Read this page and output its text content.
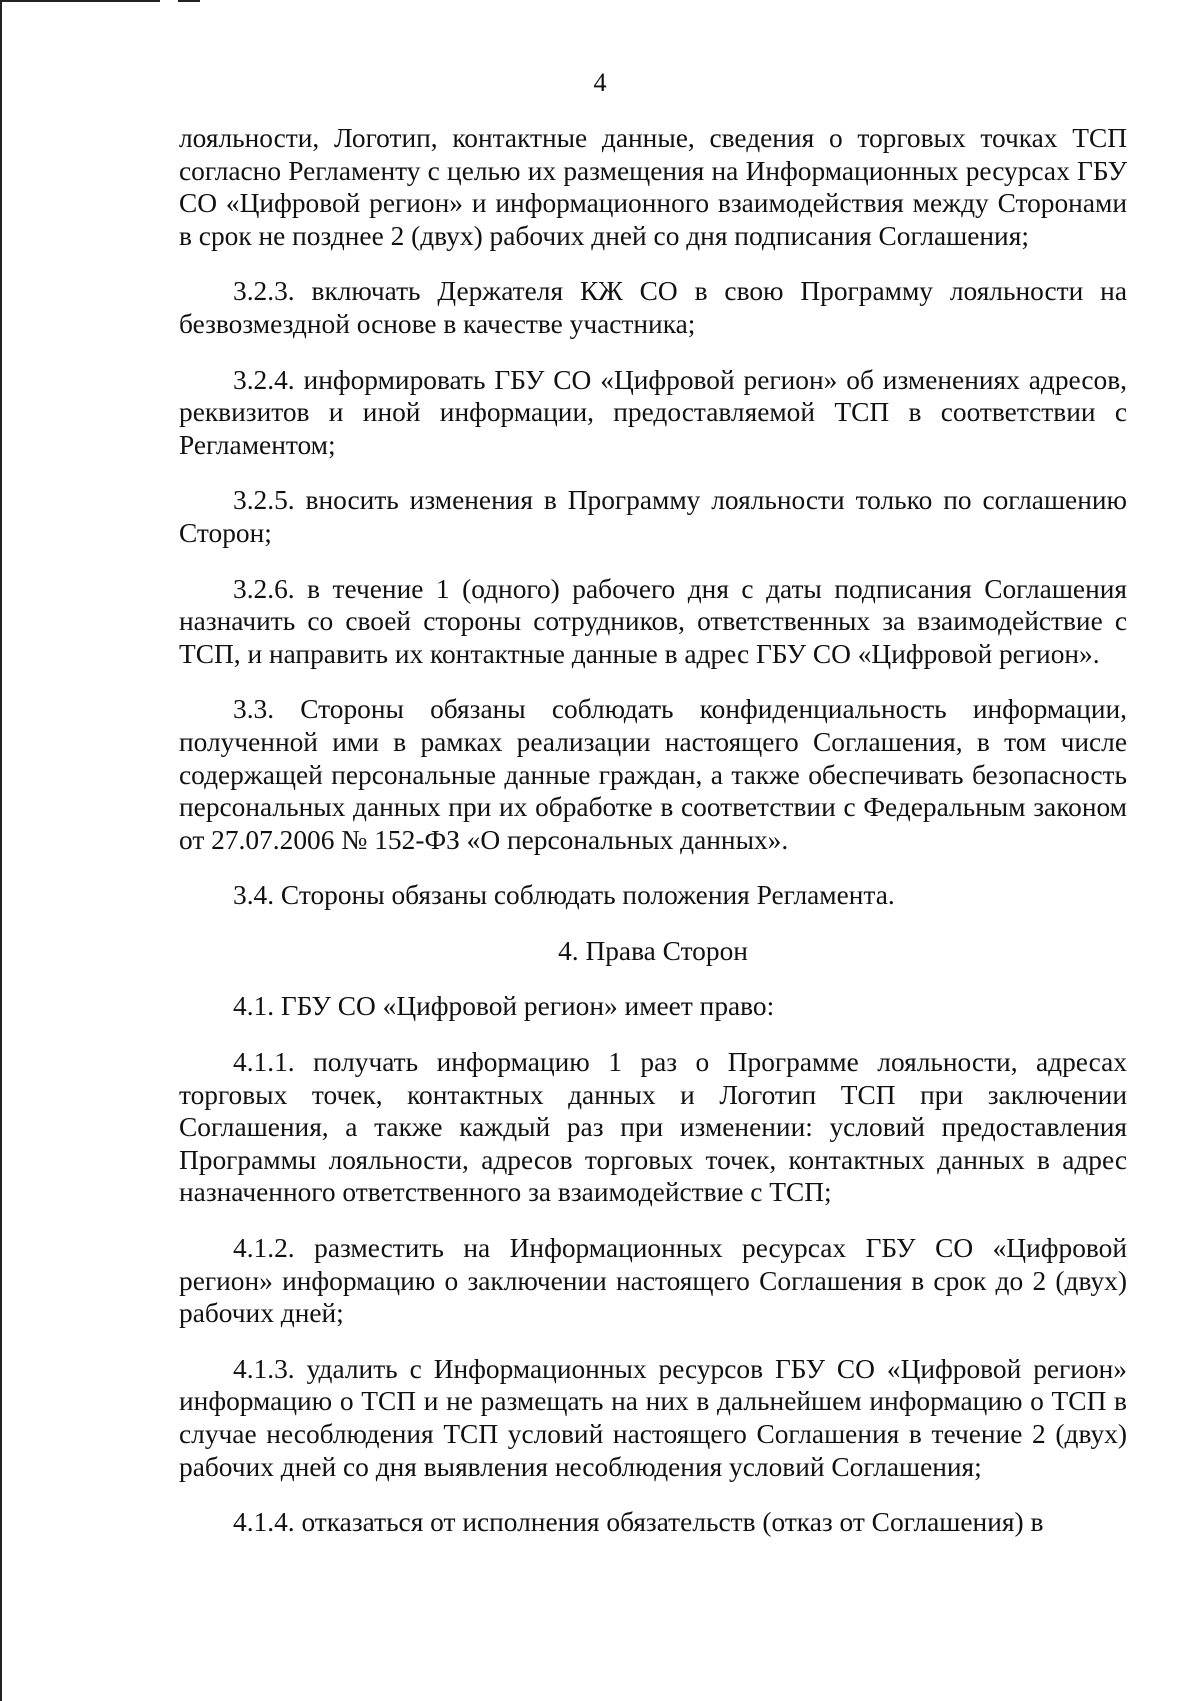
4

лояльности, Логотип, контактные данные, сведения о торговых точках ТСП согласно Регламенту с целью их размещения на Информационных ресурсах ГБУ СО «Цифровой регион» и информационного взаимодействия между Сторонами в срок не позднее 2 (двух) рабочих дней со дня подписания Соглашения;

3.2.3. включать Держателя КЖ СО в свою Программу лояльности на безвозмездной основе в качестве участника;

3.2.4. информировать ГБУ СО «Цифровой регион» об изменениях адресов, реквизитов и иной информации, предоставляемой ТСП в соответствии с Регламентом;

3.2.5. вносить изменения в Программу лояльности только по соглашению Сторон;

3.2.6. в течение 1 (одного) рабочего дня с даты подписания Соглашения назначить со своей стороны сотрудников, ответственных за взаимодействие с ТСП, и направить их контактные данные в адрес ГБУ СО «Цифровой регион».

3.3. Стороны обязаны соблюдать конфиденциальность информации, полученной ими в рамках реализации настоящего Соглашения, в том числе содержащей персональные данные граждан, а также обеспечивать безопасность персональных данных при их обработке в соответствии с Федеральным законом от 27.07.2006 № 152-ФЗ «О персональных данных».

3.4. Стороны обязаны соблюдать положения Регламента.

4. Права Сторон

4.1. ГБУ СО «Цифровой регион» имеет право:

4.1.1. получать информацию 1 раз о Программе лояльности, адресах торговых точек, контактных данных и Логотип ТСП при заключении Соглашения, а также каждый раз при изменении: условий предоставления Программы лояльности, адресов торговых точек, контактных данных в адрес назначенного ответственного за взаимодействие с ТСП;

4.1.2. разместить на Информационных ресурсах ГБУ СО «Цифровой регион» информацию о заключении настоящего Соглашения в срок до 2 (двух) рабочих дней;

4.1.3. удалить с Информационных ресурсов ГБУ СО «Цифровой регион» информацию о ТСП и не размещать на них в дальнейшем информацию о ТСП в случае несоблюдения ТСП условий настоящего Соглашения в течение 2 (двух) рабочих дней со дня выявления несоблюдения условий Соглашения;

4.1.4. отказаться от исполнения обязательств (отказ от Соглашения) в
